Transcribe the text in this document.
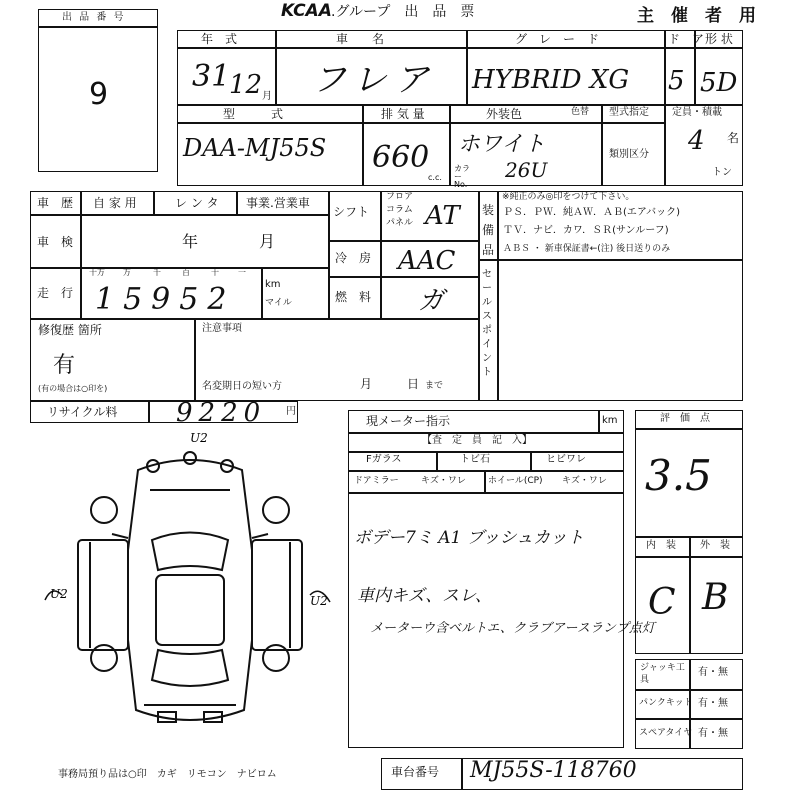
出 品 番 号
9
KCAA .グループ　出　品　票	主　催　者　用
年　式
31
12 月
車　　名
フレア
グ　レ　ー　ド
HYBRID XG
ド　ア
5
形 状
5D
型　　　式
DAA-MJ55S
排 気 量
660
c.c.
外装色	色替
ホワイト
カラー No.
26U
型式指定
類別区分
定員・積載
4 名
トン
車　歴 自 家 用	レ ン タ 事業.営業車
車　検	年	月
走　行
十万 万	千	百	十 一
15952	km
マイル
シフト
フロア
コラム
パネル AT
冷　房 AAC
燃　料 ガ
装備品
※純正のみ◎印をつけて下さい。
ＰＳ．ＰＷ．純ＡＷ．ＡＢ(エアバック)
ＴＶ．ナビ．カワ．ＳＲ(サンルーフ)
ＡＢＳ ・ 新車保証書←(注) 後日送りのみ
セールスポイント
修復歴 箇所
有
(有の場合は○印を)
注意事項
名変期日の短い方	月	日 まで
リサイクル料 9220 円
現メーター指示	km
【査　定　員　記　入】
Fガラス	トビ石	ヒビワレ
ドアミラー キズ・ワレ ホイール(CP) キズ・ワレ
ボデー7ミ A1 ブッシュカット
車内キズ、スレ、
メーターウ含ベルトエ、クラブアースランプ点灯
評　価　点
3.5
内　装 外　装
C B
ジャッキ工具
有・無
パンクキット 有・無
スペアタイヤ 有・無
事務局預り品は○印　カギ　リモコン　ナビロム	車台番号 MJ55S-118760
U2
U2	U2
